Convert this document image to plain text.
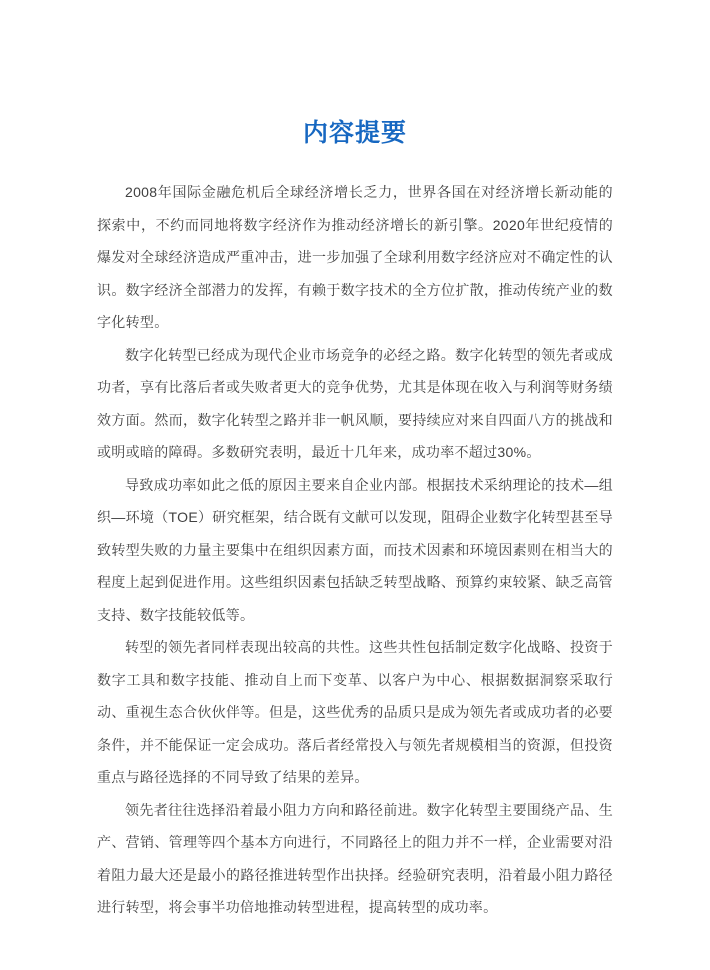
内容提要

2008年国际金融危机后全球经济增长乏力，世界各国在对经济增长新动能的探索中，不约而同地将数字经济作为推动经济增长的新引擎。2020年世纪疫情的爆发对全球经济造成严重冲击，进一步加强了全球利用数字经济应对不确定性的认识。数字经济全部潜力的发挥，有赖于数字技术的全方位扩散，推动传统产业的数字化转型。

数字化转型已经成为现代企业市场竞争的必经之路。数字化转型的领先者或成功者，享有比落后者或失败者更大的竞争优势，尤其是体现在收入与利润等财务绩效方面。然而，数字化转型之路并非一帆风顺，要持续应对来自四面八方的挑战和或明或暗的障碍。多数研究表明，最近十几年来，成功率不超过30%。

导致成功率如此之低的原因主要来自企业内部。根据技术采纳理论的技术—组织—环境（TOE）研究框架，结合既有文献可以发现，阻碍企业数字化转型甚至导致转型失败的力量主要集中在组织因素方面，而技术因素和环境因素则在相当大的程度上起到促进作用。这些组织因素包括缺乏转型战略、预算约束较紧、缺乏高管支持、数字技能较低等。

转型的领先者同样表现出较高的共性。这些共性包括制定数字化战略、投资于数字工具和数字技能、推动自上而下变革、以客户为中心、根据数据洞察采取行动、重视生态合伙伙伴等。但是，这些优秀的品质只是成为领先者或成功者的必要条件，并不能保证一定会成功。落后者经常投入与领先者规模相当的资源，但投资重点与路径选择的不同导致了结果的差异。

领先者往往选择沿着最小阻力方向和路径前进。数字化转型主要围绕产品、生产、营销、管理等四个基本方向进行，不同路径上的阻力并不一样，企业需要对沿着阻力最大还是最小的路径推进转型作出抉择。经验研究表明，沿着最小阻力路径进行转型，将会事半功倍地推动转型进程，提高转型的成功率。
